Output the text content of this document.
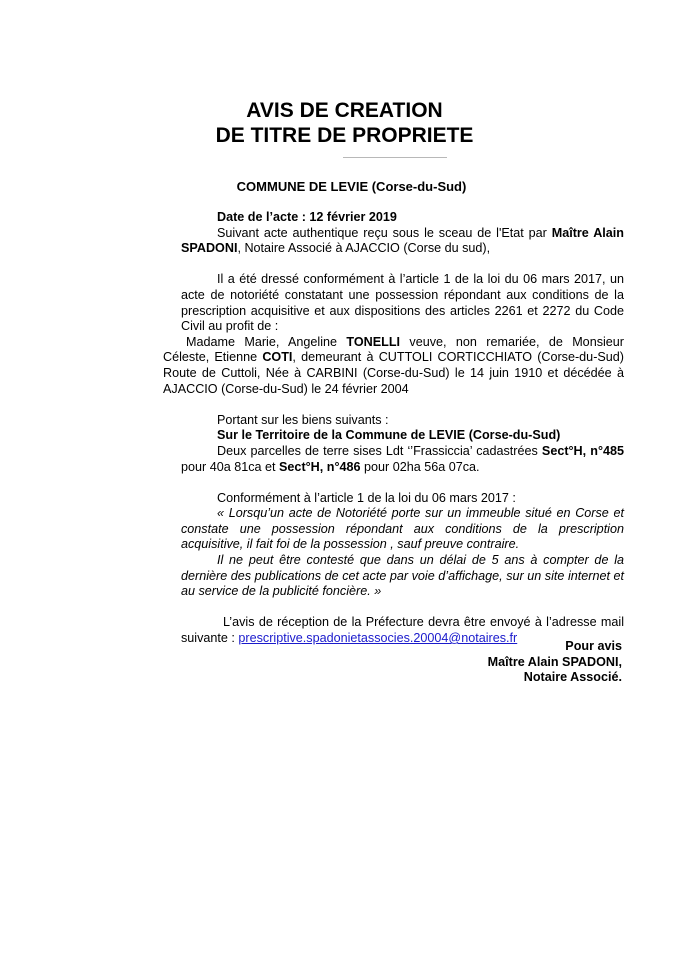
AVIS DE CREATION
DE TITRE DE PROPRIETE
COMMUNE DE LEVIE (Corse-du-Sud)

Date de l’acte : 12 février 2019

Suivant acte authentique reçu sous le sceau de l'Etat par Maître Alain SPADONI, Notaire Associé à AJACCIO (Corse du sud),

Il a été dressé conformément à l’article 1 de la loi du 06 mars 2017, un acte de notoriété constatant une possession répondant aux conditions de la prescription acquisitive et aux dispositions des articles 2261 et 2272 du Code Civil au profit de :

Madame Marie, Angeline TONELLI veuve, non remariée, de Monsieur Céleste, Etienne COTI, demeurant à CUTTOLI CORTICCHIATO (Corse-du-Sud) Route de Cuttoli, Née à CARBINI (Corse-du-Sud) le 14 juin 1910 et décédée à AJACCIO (Corse-du-Sud) le 24 février 2004

Portant sur les biens suivants :

Sur le Territoire de la Commune de LEVIE (Corse-du-Sud)

Deux parcelles de terre sises Ldt ‘’Frassiccia’ cadastrées Sect°H, n°485 pour 40a 81ca et Sect°H, n°486 pour 02ha 56a 07ca.

Conformément à l’article 1 de la loi du 06 mars 2017 :

« Lorsqu’un acte de Notoriété porte sur un immeuble situé en Corse et constate une possession répondant aux conditions de la prescription acquisitive, il fait foi de la possession , sauf preuve contraire.

Il ne peut être contesté que dans un délai de 5 ans à compter de la dernière des publications de cet acte par voie d’affichage, sur un site internet et au service de la publicité foncière. »

L’avis de réception de la Préfecture devra être envoyé à l’adresse mail suivante : prescriptive.spadonietassocies.20004@notaires.fr

Pour avis
Maître Alain SPADONI,
Notaire Associé.
